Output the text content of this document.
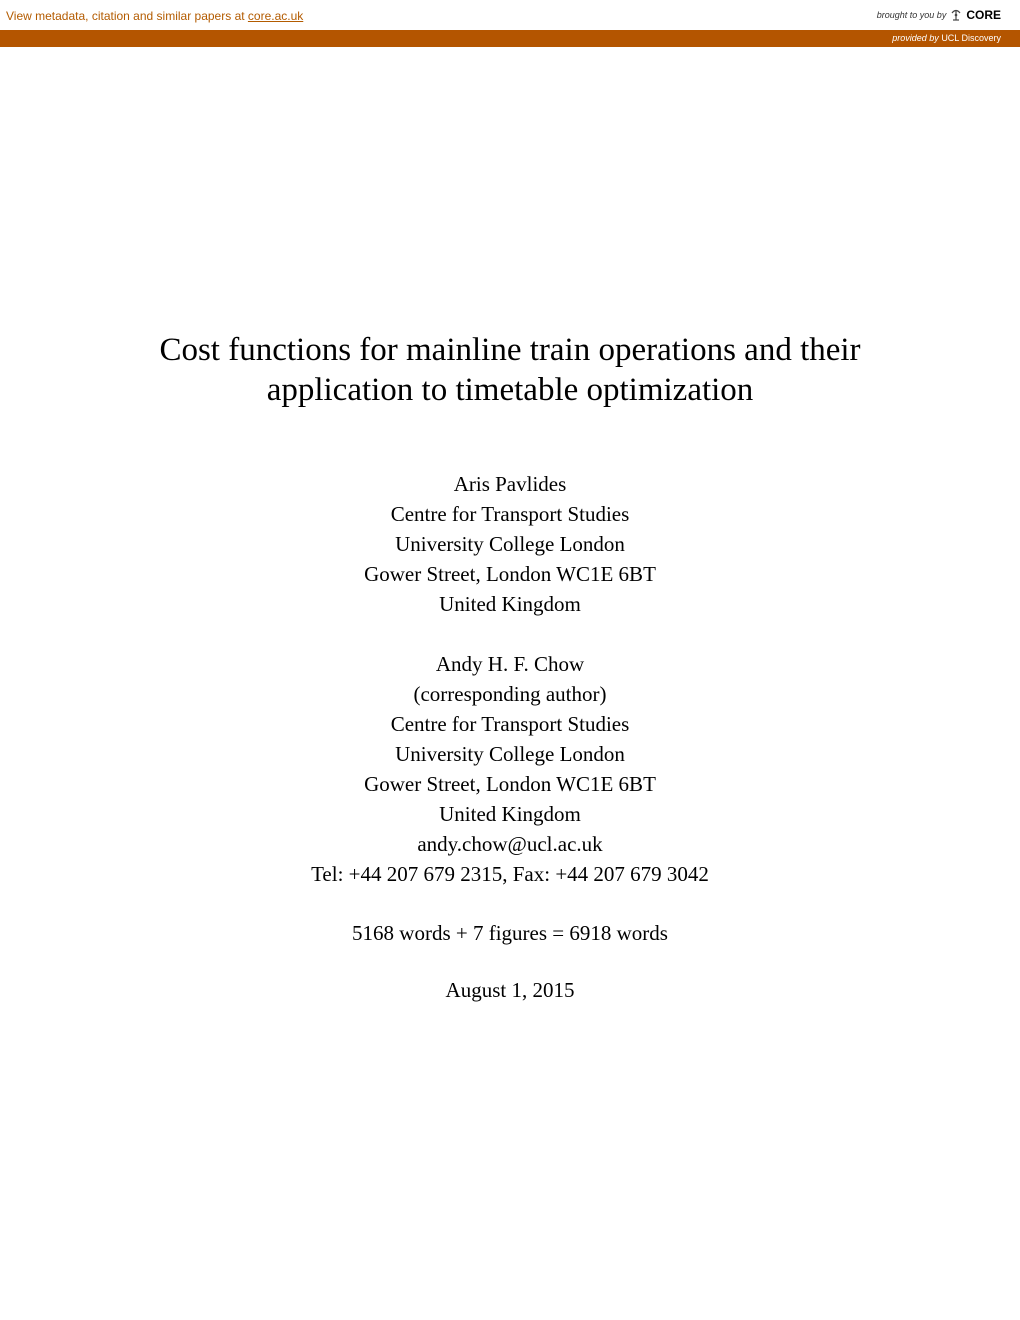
View metadata, citation and similar papers at core.ac.uk	brought to you by CORE
provided by UCL Discovery
Cost functions for mainline train operations and their
application to timetable optimization
Aris Pavlides
Centre for Transport Studies
University College London
Gower Street, London WC1E 6BT
United Kingdom
Andy H. F. Chow
(corresponding author)
Centre for Transport Studies
University College London
Gower Street, London WC1E 6BT
United Kingdom
andy.chow@ucl.ac.uk
Tel: +44 207 679 2315, Fax: +44 207 679 3042
5168 words + 7 figures = 6918 words
August 1, 2015
